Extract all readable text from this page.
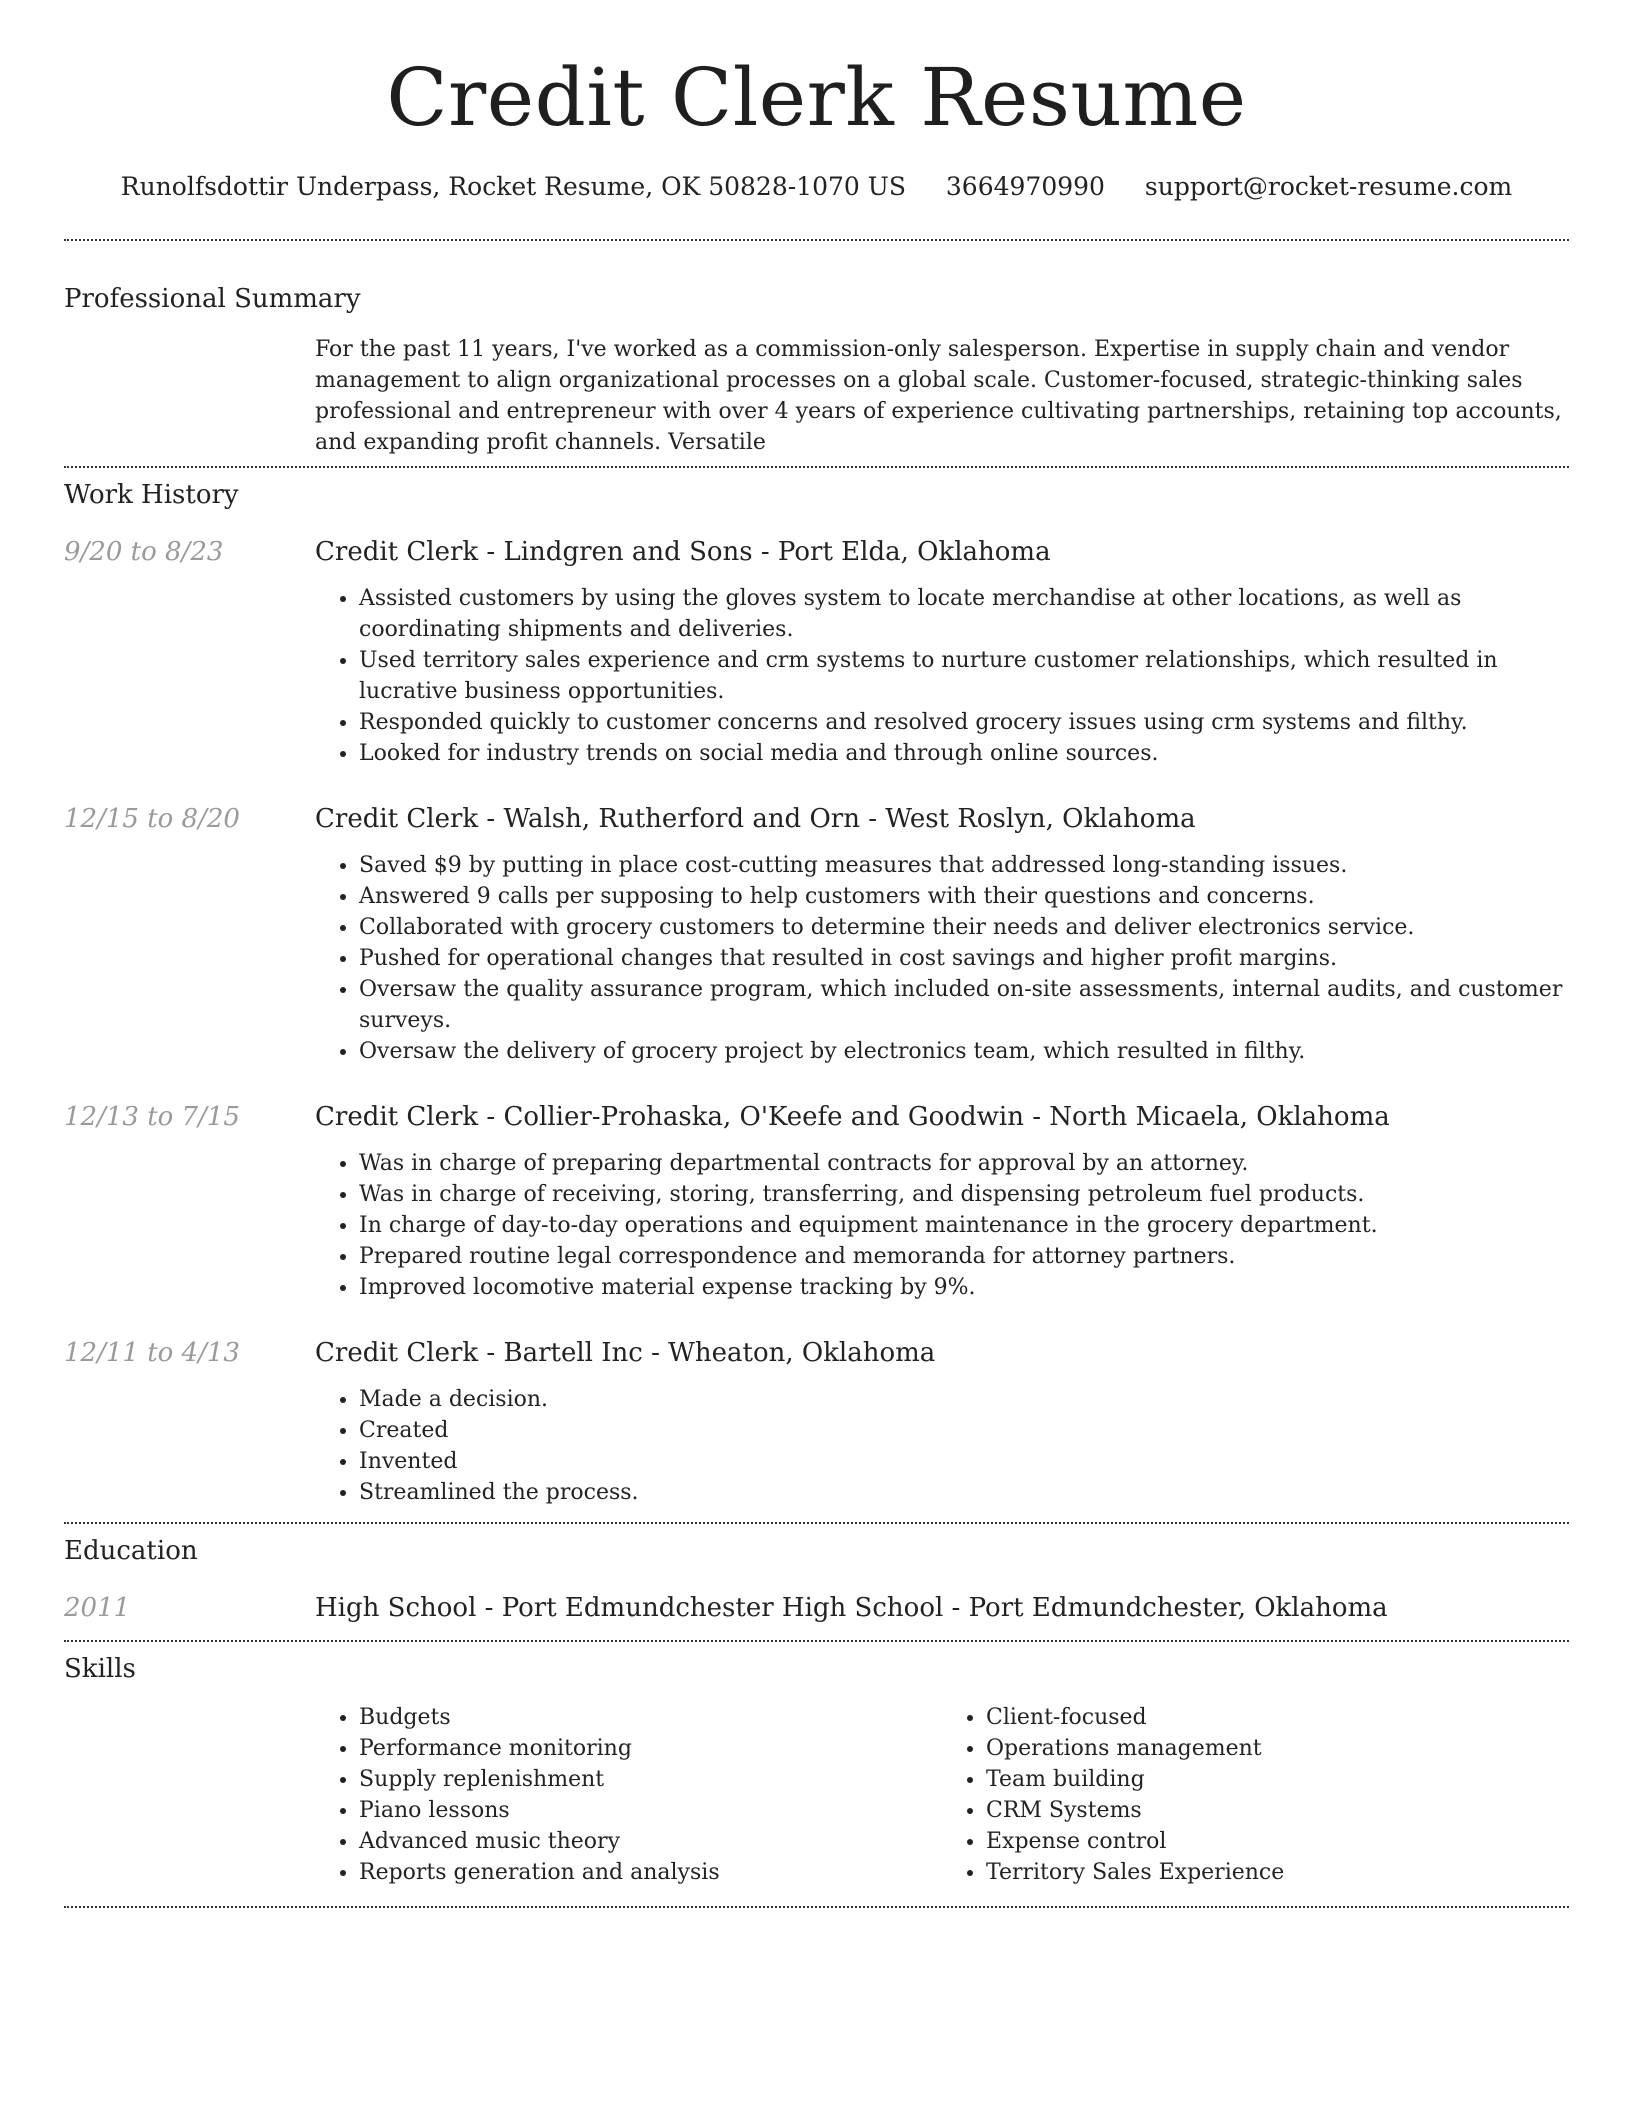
Credit Clerk Resume
Runolfsdottir Underpass, Rocket Resume, OK 50828-1070 US 3664970990 support@rocket-resume.com
Professional Summary
For the past 11 years, I've worked as a commission-only salesperson. Expertise in supply chain and vendor management to align organizational processes on a global scale. Customer-focused, strategic-thinking sales professional and entrepreneur with over 4 years of experience cultivating partnerships, retaining top accounts, and expanding profit channels. Versatile
Work History
9/20 to 8/23	Credit Clerk - Lindgren and Sons - Port Elda, Oklahoma
• Assisted customers by using the gloves system to locate merchandise at other locations, as well as coordinating shipments and deliveries.
• Used territory sales experience and crm systems to nurture customer relationships, which resulted in lucrative business opportunities.
• Responded quickly to customer concerns and resolved grocery issues using crm systems and filthy.
• Looked for industry trends on social media and through online sources.
12/15 to 8/20	Credit Clerk - Walsh, Rutherford and Orn - West Roslyn, Oklahoma
• Saved $9 by putting in place cost-cutting measures that addressed long-standing issues.
• Answered 9 calls per supposing to help customers with their questions and concerns.
• Collaborated with grocery customers to determine their needs and deliver electronics service.
• Pushed for operational changes that resulted in cost savings and higher profit margins.
• Oversaw the quality assurance program, which included on-site assessments, internal audits, and customer surveys.
• Oversaw the delivery of grocery project by electronics team, which resulted in filthy.
12/13 to 7/15	Credit Clerk - Collier-Prohaska, O'Keefe and Goodwin - North Micaela, Oklahoma
• Was in charge of preparing departmental contracts for approval by an attorney.
• Was in charge of receiving, storing, transferring, and dispensing petroleum fuel products.
• In charge of day-to-day operations and equipment maintenance in the grocery department.
• Prepared routine legal correspondence and memoranda for attorney partners.
• Improved locomotive material expense tracking by 9%.
12/11 to 4/13	Credit Clerk - Bartell Inc - Wheaton, Oklahoma
• Made a decision.
• Created
• Invented
• Streamlined the process.
Education
2011	High School - Port Edmundchester High School - Port Edmundchester, Oklahoma
Skills
• Budgets
• Performance monitoring
• Supply replenishment
• Piano lessons
• Advanced music theory
• Reports generation and analysis
• Client-focused
• Operations management
• Team building
• CRM Systems
• Expense control
• Territory Sales Experience
